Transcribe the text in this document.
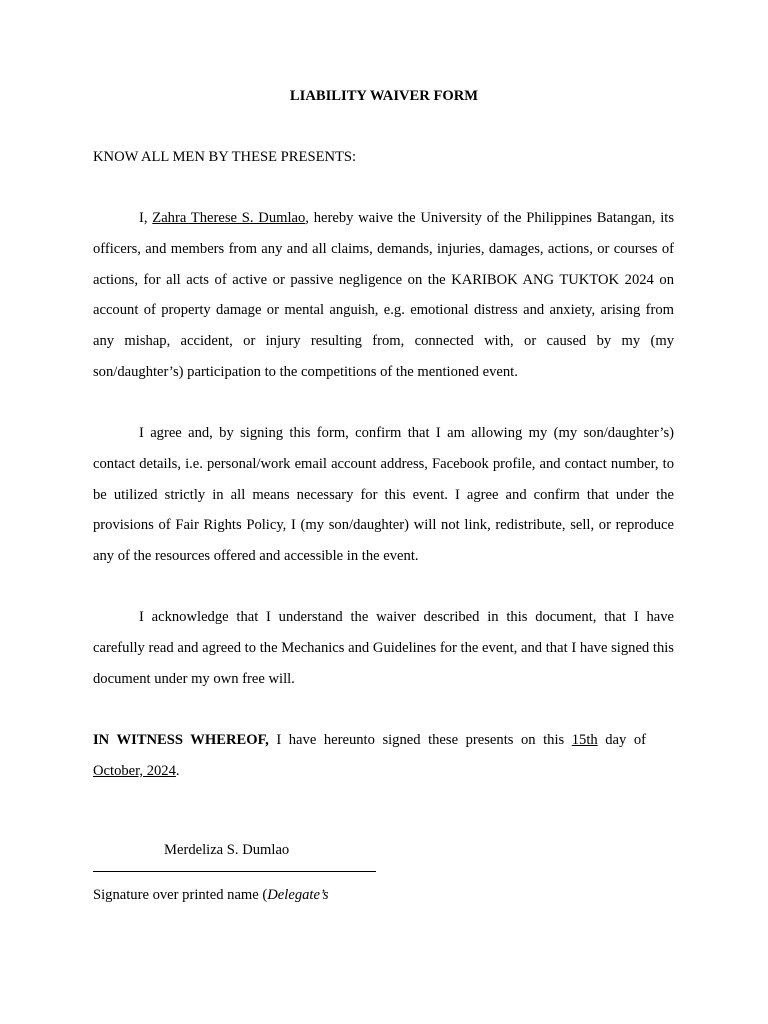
LIABILITY WAIVER FORM
KNOW ALL MEN BY THESE PRESENTS:

I, Zahra Therese S. Dumlao, hereby waive the University of the Philippines Batangan, its officers, and members from any and all claims, demands, injuries, damages, actions, or courses of actions, for all acts of active or passive negligence on the KARIBOK ANG TUKTOK 2024 on account of property damage or mental anguish, e.g. emotional distress and anxiety, arising from any mishap, accident, or injury resulting from, connected with, or caused by my (my son/daughter’s) participation to the competitions of the mentioned event.

I agree and, by signing this form, confirm that I am allowing my (my son/daughter’s) contact details, i.e. personal/work email account address, Facebook profile, and contact number, to be utilized strictly in all means necessary for this event. I agree and confirm that under the provisions of Fair Rights Policy, I (my son/daughter) will not link, redistribute, sell, or reproduce any of the resources offered and accessible in the event.

I acknowledge that I understand the waiver described in this document, that I have carefully read and agreed to the Mechanics and Guidelines for the event, and that I have signed this document under my own free will.

IN WITNESS WHEREOF, I have hereunto signed these presents on this 15th day of October, 2024.

Merdeliza S. Dumlao
Signature over printed name (Delegate’s
